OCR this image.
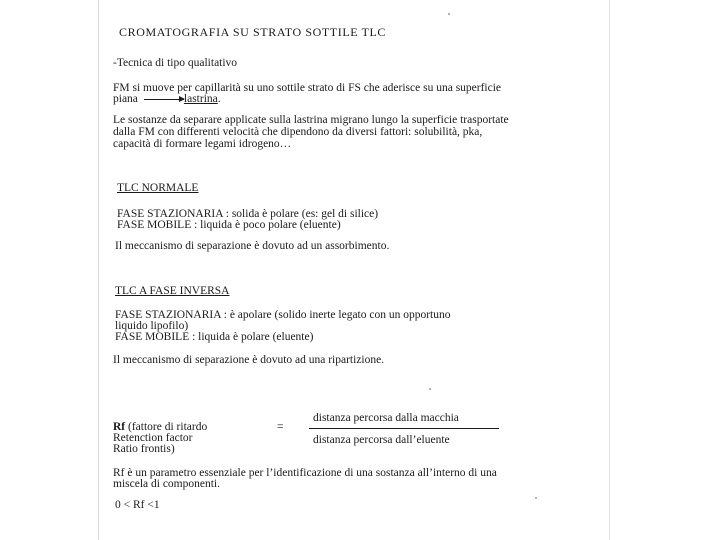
CROMATOGRAFIA SU STRATO SOTTILE TLC
-Tecnica di tipo qualitativo
FM si muove per capillarità su uno sottile strato di FS che aderisce su una superficie
piana	lastrina.
Le sostanze da separare applicate sulla lastrina migrano lungo la superficie trasportate
dalla FM con differenti velocità che dipendono da diversi fattori: solubilità, pka,
capacità di formare legami idrogeno…
TLC NORMALE
FASE STAZIONARIA : solida è polare (es: gel di silice)
FASE MOBILE : liquida è poco polare (eluente)
Il meccanismo di separazione è dovuto ad un assorbimento.
TLC A FASE INVERSA
FASE STAZIONARIA : è apolare (solido inerte legato con un opportuno
liquido lipofilo)
FASE MOBILE : liquida è polare (eluente)
Il meccanismo di separazione è dovuto ad una ripartizione.
distanza percorsa dalla macchia
distanza percorsa dall’eluente
Rf (fattore di ritardo	=
Retenction factor
Ratio frontis)
Rf è un parametro essenziale per l’identificazione di una sostanza all’interno di una
miscela di componenti.
0 < Rf <1
